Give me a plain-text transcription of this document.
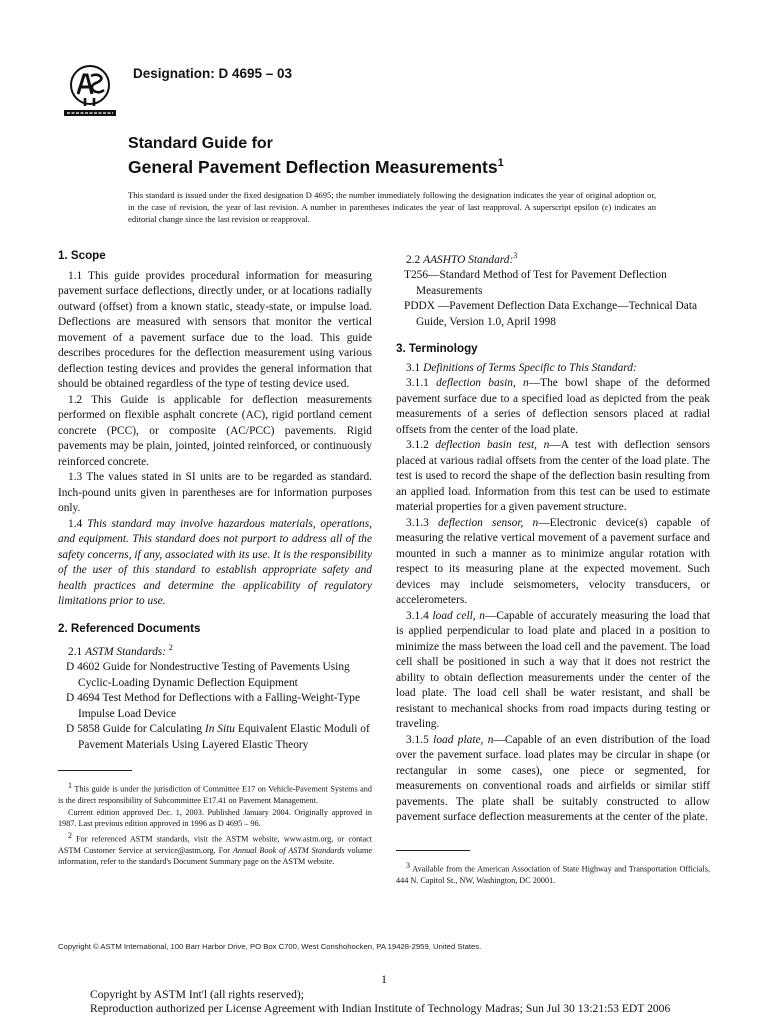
Designation: D 4695 – 03
Standard Guide for
General Pavement Deflection Measurements$^1$
This standard is issued under the fixed designation D 4695; the number immediately following the designation indicates the year of original adoption or, in the case of revision, the year of last revision. A number in parentheses indicates the year of last reapproval. A superscript epsilon (ε) indicates an editorial change since the last revision or reapproval.
1. Scope

1.1 This guide provides procedural information for measuring pavement surface deflections, directly under, or at locations radially outward (offset) from a known static, steady-state, or impulse load. Deflections are measured with sensors that monitor the vertical movement of a pavement surface due to the load. This guide describes procedures for the deflection measurement using various deflection testing devices and provides the general information that should be obtained regardless of the type of testing device used.

1.2 This Guide is applicable for deflection measurements performed on flexible asphalt concrete (AC), rigid portland cement concrete (PCC), or composite (AC/PCC) pavements. Rigid pavements may be plain, jointed, jointed reinforced, or continuously reinforced concrete.

1.3 The values stated in SI units are to be regarded as standard. Inch-pound units given in parentheses are for information purposes only.

1.4 This standard may involve hazardous materials, operations, and equipment. This standard does not purport to address all of the safety concerns, if any, associated with its use. It is the responsibility of the user of this standard to establish appropriate safety and health practices and determine the applicability of regulatory limitations prior to use.

2. Referenced Documents

2.1 ASTM Standards: $^2$

D 4602 Guide for Nondestructive Testing of Pavements Using Cyclic-Loading Dynamic Deflection Equipment

D 4694 Test Method for Deflections with a Falling-Weight-Type Impulse Load Device

D 5858 Guide for Calculating In Situ Equivalent Elastic Moduli of Pavement Materials Using Layered Elastic Theory

$^1$ This guide is under the jurisdiction of Committee E17 on Vehicle-Pavement Systems and is the direct responsibility of Subcommittee E17.41 on Pavement Management.

Current edition approved Dec. 1, 2003. Published January 2004. Originally approved in 1987. Last previous edition approved in 1996 as D 4695 – 96.

$^2$ For referenced ASTM standards, visit the ASTM website, www.astm.org, or contact ASTM Customer Service at service@astm.org. For Annual Book of ASTM Standards volume information, refer to the standard's Document Summary page on the ASTM website.

2.2 AASHTO Standard:$^3$

T256—Standard Method of Test for Pavement Deflection Measurements

PDDX —Pavement Deflection Data Exchange—Technical Data Guide, Version 1.0, April 1998

3. Terminology

3.1 Definitions of Terms Specific to This Standard:

3.1.1 deflection basin, n—The bowl shape of the deformed pavement surface due to a specified load as depicted from the peak measurements of a series of deflection sensors placed at radial offsets from the center of the load plate.

3.1.2 deflection basin test, n—A test with deflection sensors placed at various radial offsets from the center of the load plate. The test is used to record the shape of the deflection basin resulting from an applied load. Information from this test can be used to estimate material properties for a given pavement structure.

3.1.3 deflection sensor, n—Electronic device(s) capable of measuring the relative vertical movement of a pavement surface and mounted in such a manner as to minimize angular rotation with respect to its measuring plane at the expected movement. Such devices may include seismometers, velocity transducers, or accelerometers.

3.1.4 load cell, n—Capable of accurately measuring the load that is applied perpendicular to load plate and placed in a position to minimize the mass between the load cell and the pavement. The load cell shall be positioned in such a way that it does not restrict the ability to obtain deflection measurements under the center of the load plate. The load cell shall be water resistant, and shall be resistant to mechanical shocks from road impacts during testing or traveling.

3.1.5 load plate, n—Capable of an even distribution of the load over the pavement surface. load plates may be circular in shape (or rectangular in some cases), one piece or segmented, for measurements on conventional roads and airfields or similar stiff pavements. The plate shall be suitably constructed to allow pavement surface deflection measurements at the center of the plate.

$^3$ Available from the American Association of State Highway and Transportation Officials, 444 N. Capitol St., NW, Washington, DC 20001.

Copyright © ASTM International, 100 Barr Harbor Drive, PO Box C700, West Conshohocken, PA 19428-2959, United States.
1
Copyright by ASTM Int'l (all rights reserved);
Reproduction authorized per License Agreement with Indian Institute of Technology Madras; Sun Jul 30 13:21:53 EDT 2006
